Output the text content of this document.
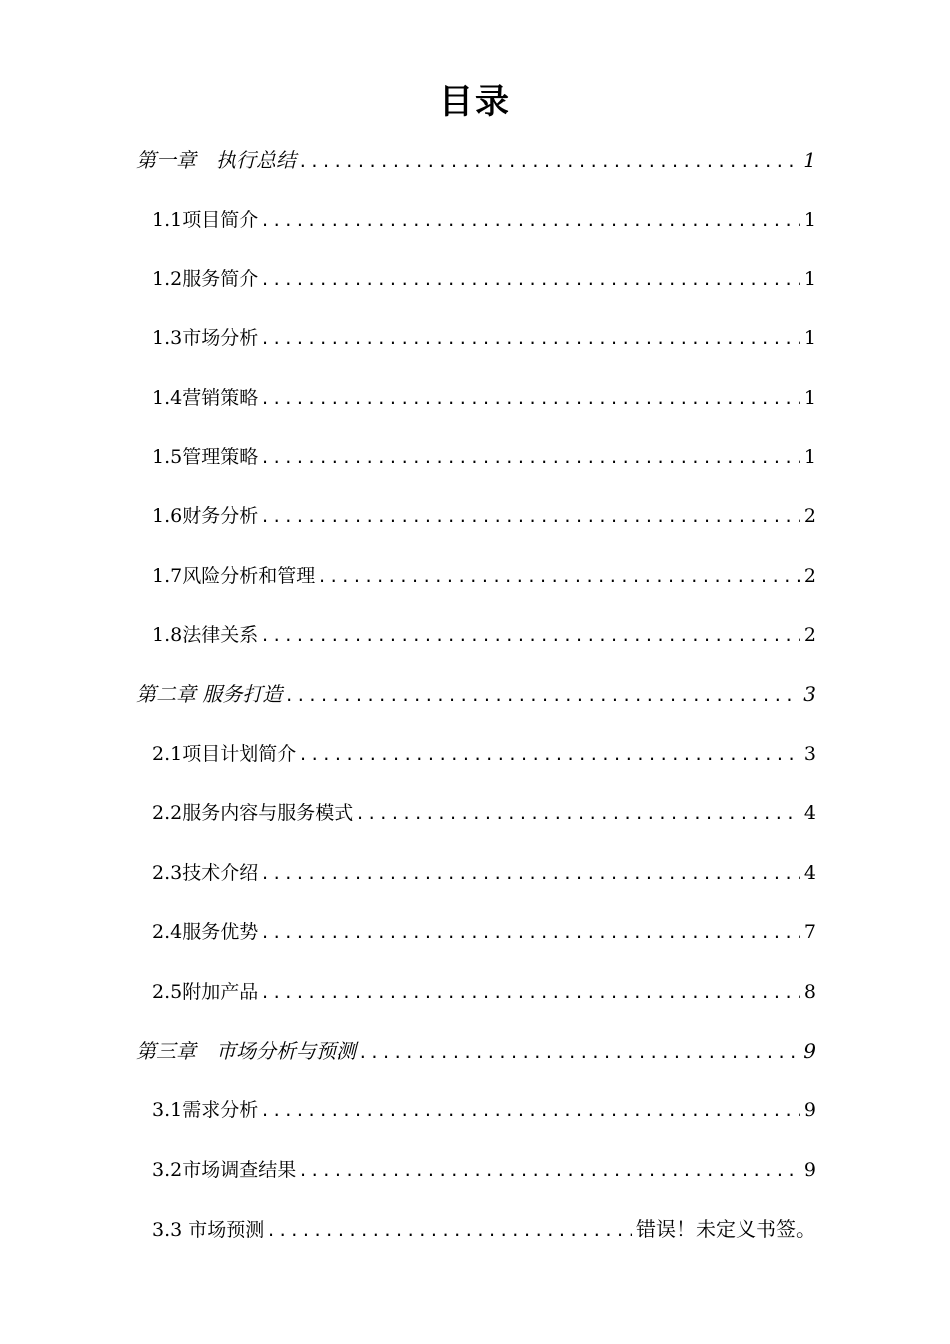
目录
第一章　执行总结 .....	1
1.1项目简介 .....	1
1.2服务简介 .....	1
1.3市场分析 .....	1
1.4营销策略 .....	1
1.5管理策略 .....	1
1.6财务分析 .....	2
1.7风险分析和管理 .....	2
1.8法律关系 .....	2
第二章 服务打造 .....	3
2.1项目计划简介 .....	3
2.2服务内容与服务模式 .....	4
2.3技术介绍 .....	4
2.4服务优势 .....	7
2.5附加产品 .....	8
第三章　市场分析与预测 .....	9
3.1需求分析 .....	9
3.2市场调查结果 .....	9
3.3 市场预测 .....	错误！未定义书签。
